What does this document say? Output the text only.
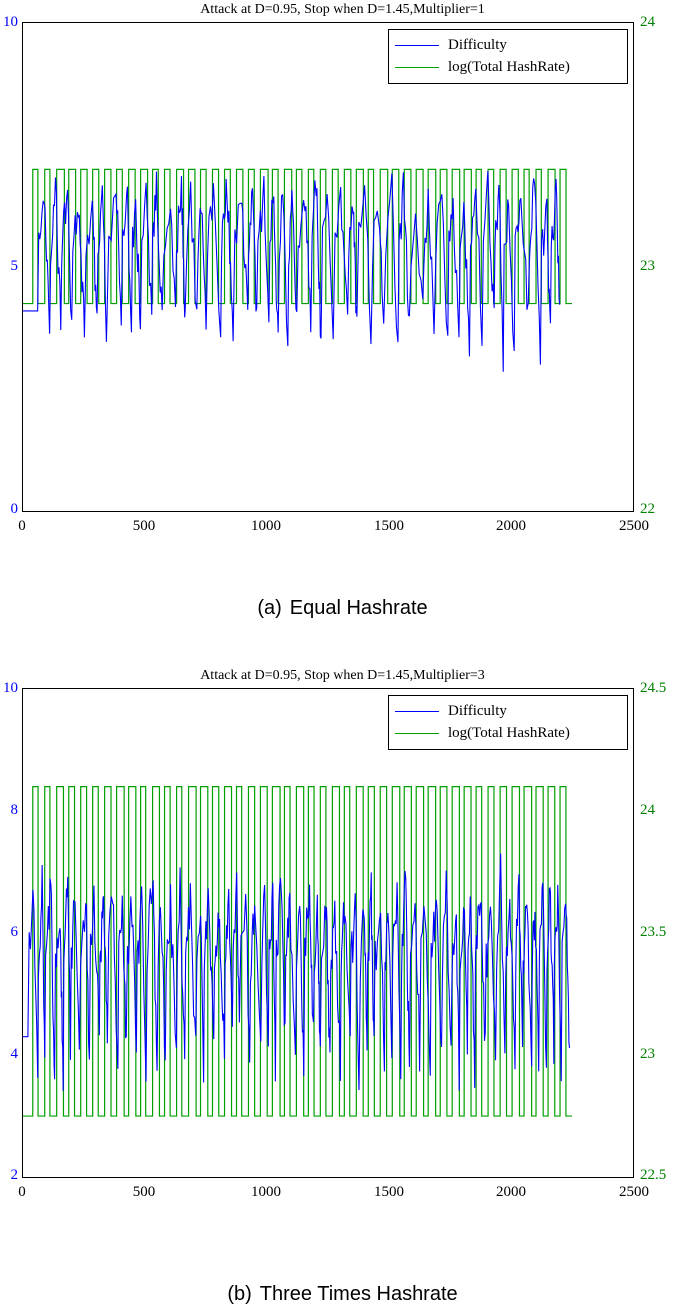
Attack at D=0.95, Stop when D=1.45,Multiplier=1
10
5
0
24
23
22
0	500	1000	1500	2000	2500
Difficulty
log(Total HashRate)
(a) Equal Hashrate
Attack at D=0.95, Stop when D=1.45,Multiplier=3
10
8
6
4
2
24.5
24
23.5
23
22.5
0	500	1000	1500	2000	2500
Difficulty
log(Total HashRate)
(b) Three Times Hashrate
